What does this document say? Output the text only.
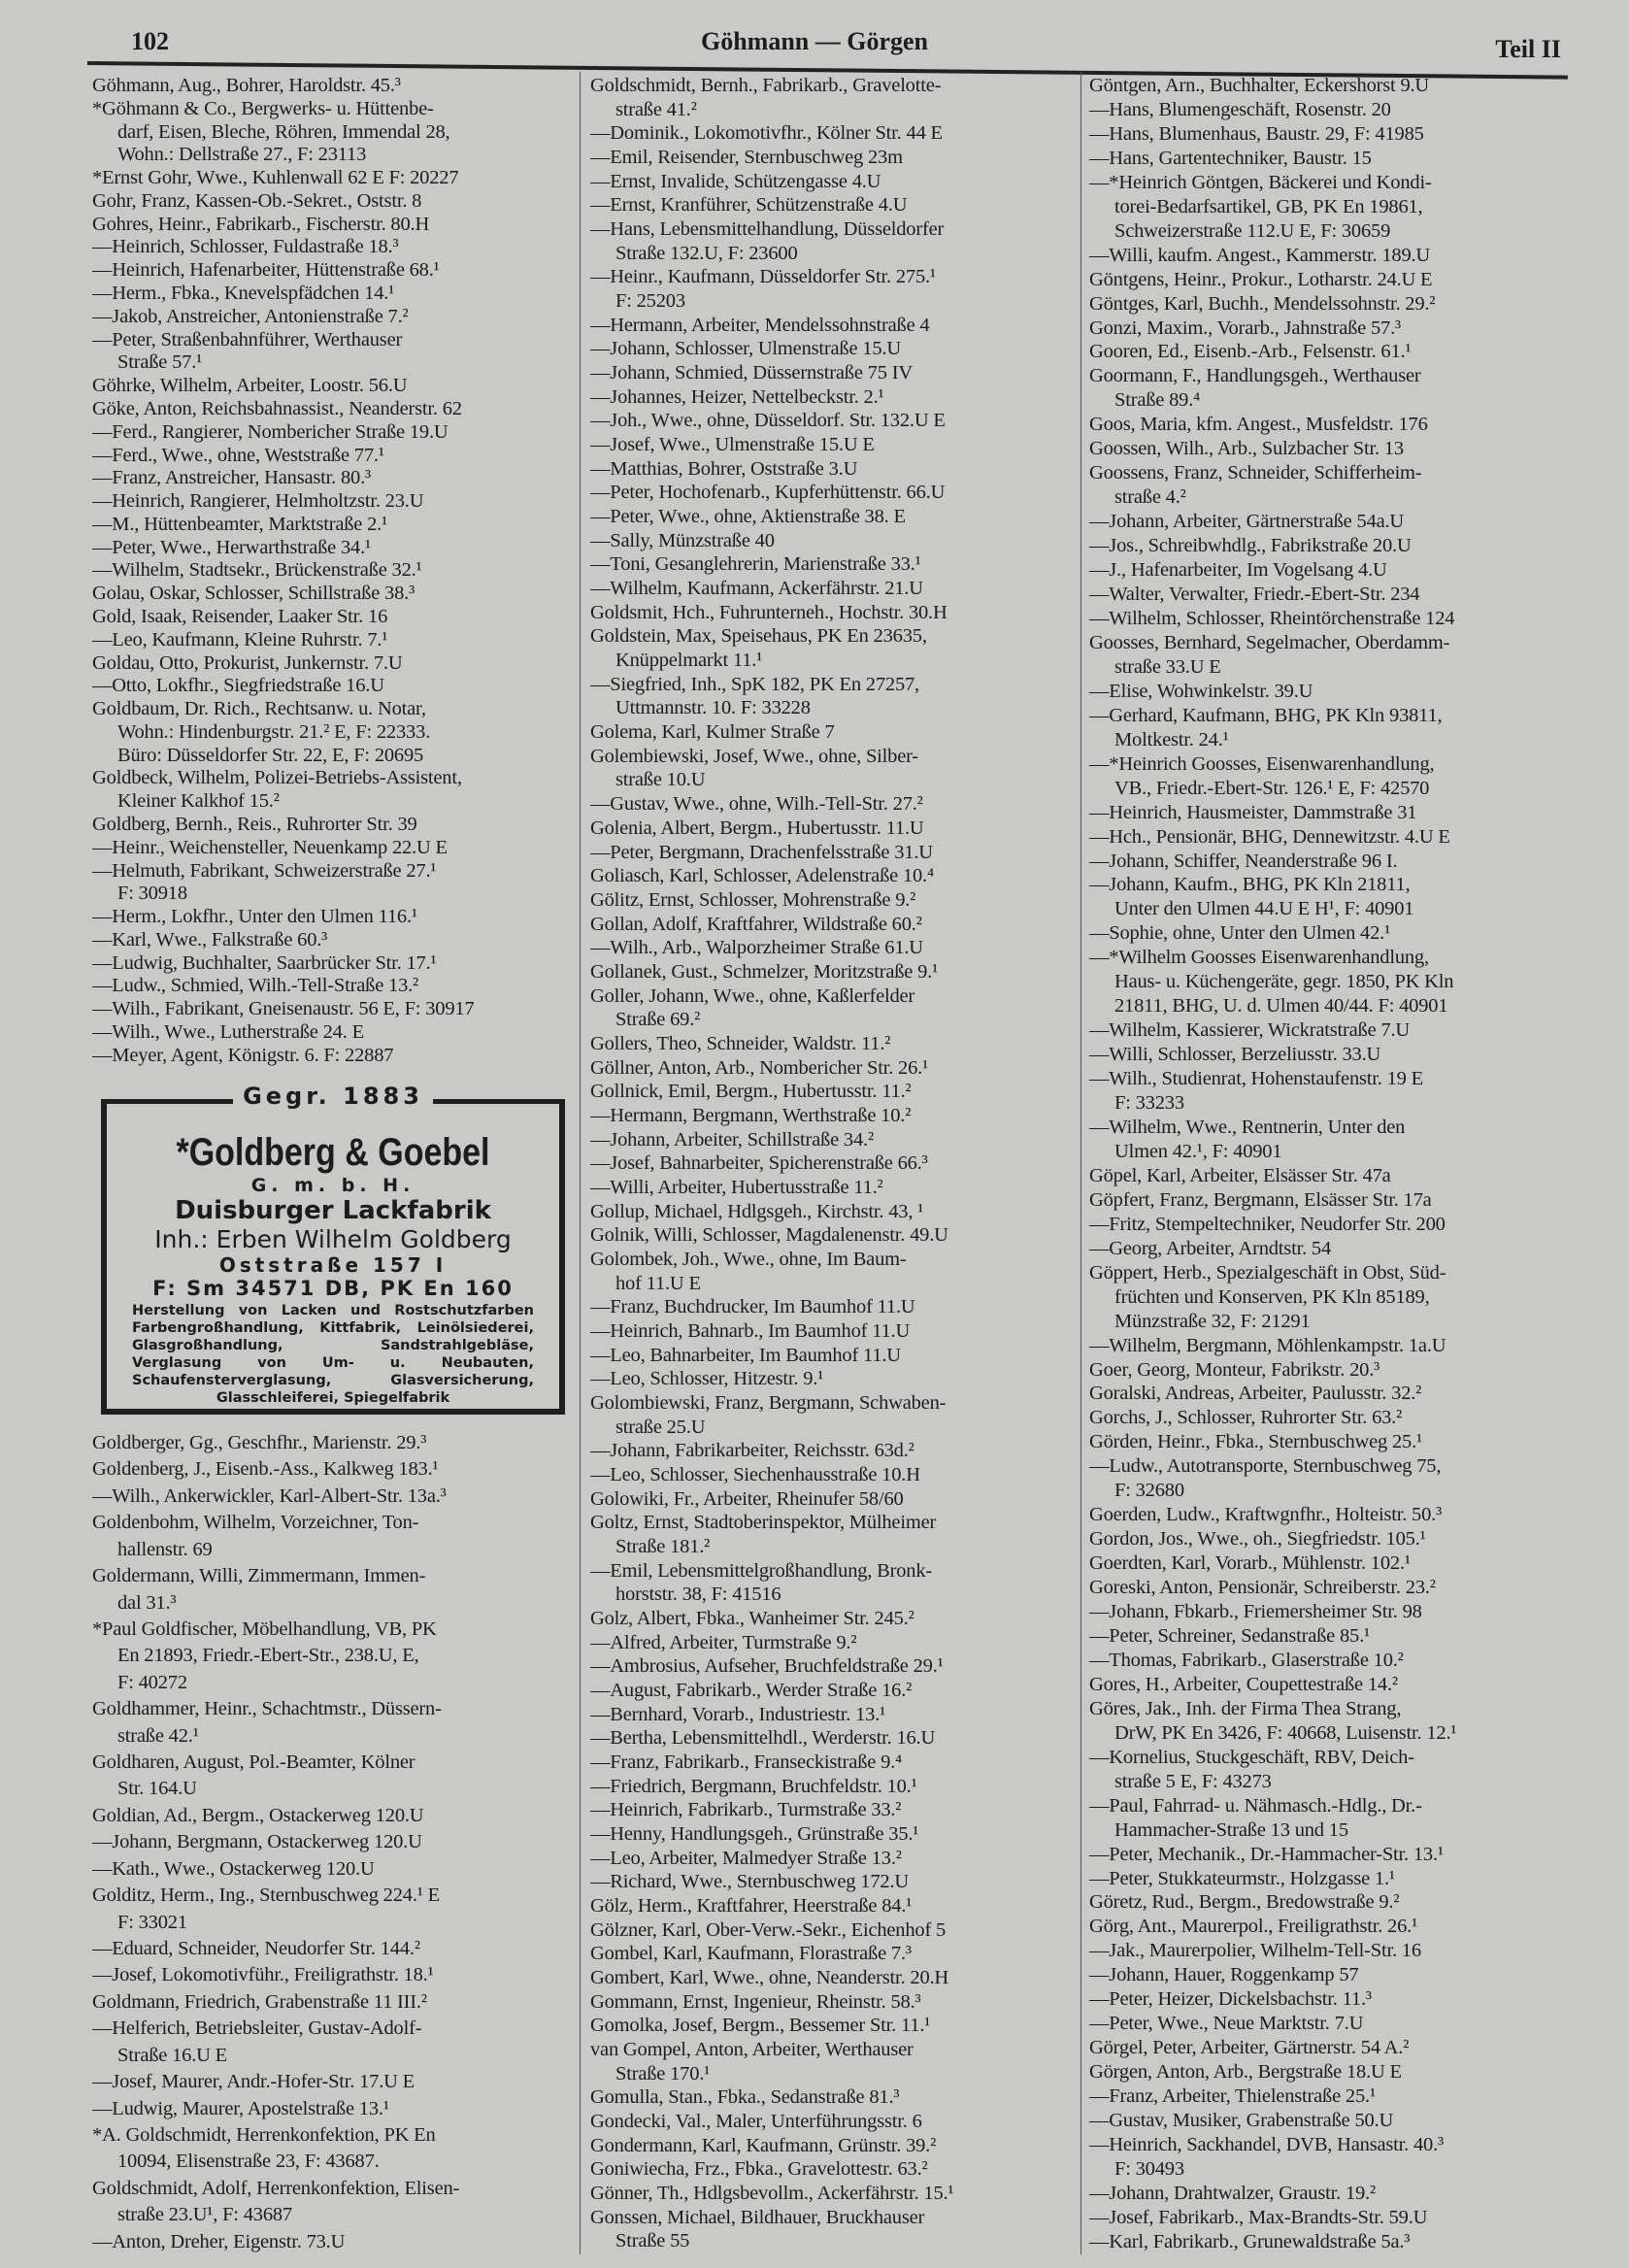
102	Göhmann — Görgen	Teil II
Göhmann, Aug., Bohrer, Haroldstr. 45.³
*Göhmann & Co., Bergwerks- u. Hüttenbe-
darf, Eisen, Bleche, Röhren, Immendal 28,
Wohn.: Dellstraße 27., F: 23113
*Ernst Gohr, Wwe., Kuhlenwall 62 E F: 20227
Gohr, Franz, Kassen-Ob.-Sekret., Oststr. 8
Gohres, Heinr., Fabrikarb., Fischerstr. 80.H
—Heinrich, Schlosser, Fuldastraße 18.³
—Heinrich, Hafenarbeiter, Hüttenstraße 68.¹
—Herm., Fbka., Knevelspfädchen 14.¹
—Jakob, Anstreicher, Antonienstraße 7.²
—Peter, Straßenbahnführer, Werthauser
Straße 57.¹
Göhrke, Wilhelm, Arbeiter, Loostr. 56.U
Göke, Anton, Reichsbahnassist., Neanderstr. 62
—Ferd., Rangierer, Nombericher Straße 19.U
—Ferd., Wwe., ohne, Weststraße 77.¹
—Franz, Anstreicher, Hansastr. 80.³
—Heinrich, Rangierer, Helmholtzstr. 23.U
—M., Hüttenbeamter, Marktstraße 2.¹
—Peter, Wwe., Herwarthstraße 34.¹
—Wilhelm, Stadtsekr., Brückenstraße 32.¹
Golau, Oskar, Schlosser, Schillstraße 38.³
Gold, Isaak, Reisender, Laaker Str. 16
—Leo, Kaufmann, Kleine Ruhrstr. 7.¹
Goldau, Otto, Prokurist, Junkernstr. 7.U
—Otto, Lokfhr., Siegfriedstraße 16.U
Goldbaum, Dr. Rich., Rechtsanw. u. Notar,
Wohn.: Hindenburgstr. 21.² E, F: 22333.
Büro: Düsseldorfer Str. 22, E, F: 20695
Goldbeck, Wilhelm, Polizei-Betriebs-Assistent,
Kleiner Kalkhof 15.²
Goldberg, Bernh., Reis., Ruhrorter Str. 39
—Heinr., Weichensteller, Neuenkamp 22.U E
—Helmuth, Fabrikant, Schweizerstraße 27.¹
F: 30918
—Herm., Lokfhr., Unter den Ulmen 116.¹
—Karl, Wwe., Falkstraße 60.³
—Ludwig, Buchhalter, Saarbrücker Str. 17.¹
—Ludw., Schmied, Wilh.-Tell-Straße 13.²
—Wilh., Fabrikant, Gneisenaustr. 56 E, F: 30917
—Wilh., Wwe., Lutherstraße 24. E
—Meyer, Agent, Königstr. 6. F: 22887
Gegr. 1883
*Goldberg & Goebel
G. m. b. H.
Duisburger Lackfabrik
Inh.: Erben Wilhelm Goldberg
Oststraße 157 I
F: Sm 34571 DB, PK En 160
Herstellung von Lacken und Rostschutzfarben Farbengroßhandlung, Kittfabrik, Leinölsiederei, Glasgroßhandlung, Sandstrahlgebläse, Verglasung von Um- u. Neubauten, Schaufensterverglasung, Glasversicherung, Glasschleiferei, Spiegelfabrik
Goldberger, Gg., Geschfhr., Marienstr. 29.³
Goldenberg, J., Eisenb.-Ass., Kalkweg 183.¹
—Wilh., Ankerwickler, Karl-Albert-Str. 13a.³
Goldenbohm, Wilhelm, Vorzeichner, Ton-
hallenstr. 69
Goldermann, Willi, Zimmermann, Immen-
dal 31.³
*Paul Goldfischer, Möbelhandlung, VB, PK
En 21893, Friedr.-Ebert-Str., 238.U, E,
F: 40272
Goldhammer, Heinr., Schachtmstr., Düssern-
straße 42.¹
Goldharen, August, Pol.-Beamter, Kölner
Str. 164.U
Goldian, Ad., Bergm., Ostackerweg 120.U
—Johann, Bergmann, Ostackerweg 120.U
—Kath., Wwe., Ostackerweg 120.U
Golditz, Herm., Ing., Sternbuschweg 224.¹ E
F: 33021
—Eduard, Schneider, Neudorfer Str. 144.²
—Josef, Lokomotivführ., Freiligrathstr. 18.¹
Goldmann, Friedrich, Grabenstraße 11 III.²
—Helferich, Betriebsleiter, Gustav-Adolf-
Straße 16.U E
—Josef, Maurer, Andr.-Hofer-Str. 17.U E
—Ludwig, Maurer, Apostelstraße 13.¹
*A. Goldschmidt, Herrenkonfektion, PK En
10094, Elisenstraße 23, F: 43687.
Goldschmidt, Adolf, Herrenkonfektion, Elisen-
straße 23.U¹, F: 43687
—Anton, Dreher, Eigenstr. 73.U
Goldschmidt, Bernh., Fabrikarb., Gravelotte-
straße 41.²
—Dominik., Lokomotivfhr., Kölner Str. 44 E
—Emil, Reisender, Sternbuschweg 23m
—Ernst, Invalide, Schützengasse 4.U
—Ernst, Kranführer, Schützenstraße 4.U
—Hans, Lebensmittelhandlung, Düsseldorfer
Straße 132.U, F: 23600
—Heinr., Kaufmann, Düsseldorfer Str. 275.¹
F: 25203
—Hermann, Arbeiter, Mendelssohnstraße 4
—Johann, Schlosser, Ulmenstraße 15.U
—Johann, Schmied, Düssernstraße 75 IV
—Johannes, Heizer, Nettelbeckstr. 2.¹
—Joh., Wwe., ohne, Düsseldorf. Str. 132.U E
—Josef, Wwe., Ulmenstraße 15.U E
—Matthias, Bohrer, Oststraße 3.U
—Peter, Hochofenarb., Kupferhüttenstr. 66.U
—Peter, Wwe., ohne, Aktienstraße 38. E
—Sally, Münzstraße 40
—Toni, Gesanglehrerin, Marienstraße 33.¹
—Wilhelm, Kaufmann, Ackerfährstr. 21.U
Goldsmit, Hch., Fuhrunterneh., Hochstr. 30.H
Goldstein, Max, Speisehaus, PK En 23635,
Knüppelmarkt 11.¹
—Siegfried, Inh., SpK 182, PK En 27257,
Uttmannstr. 10. F: 33228
Golema, Karl, Kulmer Straße 7
Golembiewski, Josef, Wwe., ohne, Silber-
straße 10.U
—Gustav, Wwe., ohne, Wilh.-Tell-Str. 27.²
Golenia, Albert, Bergm., Hubertusstr. 11.U
—Peter, Bergmann, Drachenfelsstraße 31.U
Goliasch, Karl, Schlosser, Adelenstraße 10.⁴
Gölitz, Ernst, Schlosser, Mohrenstraße 9.²
Gollan, Adolf, Kraftfahrer, Wildstraße 60.²
—Wilh., Arb., Walporzheimer Straße 61.U
Gollanek, Gust., Schmelzer, Moritzstraße 9.¹
Goller, Johann, Wwe., ohne, Kaßlerfelder
Straße 69.²
Gollers, Theo, Schneider, Waldstr. 11.²
Göllner, Anton, Arb., Nombericher Str. 26.¹
Gollnick, Emil, Bergm., Hubertusstr. 11.²
—Hermann, Bergmann, Werthstraße 10.²
—Johann, Arbeiter, Schillstraße 34.²
—Josef, Bahnarbeiter, Spicherenstraße 66.³
—Willi, Arbeiter, Hubertusstraße 11.²
Gollup, Michael, Hdlgsgeh., Kirchstr. 43, ¹
Golnik, Willi, Schlosser, Magdalenenstr. 49.U
Golombek, Joh., Wwe., ohne, Im Baum-
hof 11.U E
—Franz, Buchdrucker, Im Baumhof 11.U
—Heinrich, Bahnarb., Im Baumhof 11.U
—Leo, Bahnarbeiter, Im Baumhof 11.U
—Leo, Schlosser, Hitzestr. 9.¹
Golombiewski, Franz, Bergmann, Schwaben-
straße 25.U
—Johann, Fabrikarbeiter, Reichsstr. 63d.²
—Leo, Schlosser, Siechenhausstraße 10.H
Golowiki, Fr., Arbeiter, Rheinufer 58/60
Goltz, Ernst, Stadtoberinspektor, Mülheimer
Straße 181.²
—Emil, Lebensmittelgroßhandlung, Bronk-
horststr. 38, F: 41516
Golz, Albert, Fbka., Wanheimer Str. 245.²
—Alfred, Arbeiter, Turmstraße 9.²
—Ambrosius, Aufseher, Bruchfeldstraße 29.¹
—August, Fabrikarb., Werder Straße 16.²
—Bernhard, Vorarb., Industriestr. 13.¹
—Bertha, Lebensmittelhdl., Werderstr. 16.U
—Franz, Fabrikarb., Franseckistraße 9.⁴
—Friedrich, Bergmann, Bruchfeldstr. 10.¹
—Heinrich, Fabrikarb., Turmstraße 33.²
—Henny, Handlungsgeh., Grünstraße 35.¹
—Leo, Arbeiter, Malmedyer Straße 13.²
—Richard, Wwe., Sternbuschweg 172.U
Gölz, Herm., Kraftfahrer, Heerstraße 84.¹
Gölzner, Karl, Ober-Verw.-Sekr., Eichenhof 5
Gombel, Karl, Kaufmann, Florastraße 7.³
Gombert, Karl, Wwe., ohne, Neanderstr. 20.H
Gommann, Ernst, Ingenieur, Rheinstr. 58.³
Gomolka, Josef, Bergm., Bessemer Str. 11.¹
van Gompel, Anton, Arbeiter, Werthauser
Straße 170.¹
Gomulla, Stan., Fbka., Sedanstraße 81.³
Gondecki, Val., Maler, Unterführungsstr. 6
Gondermann, Karl, Kaufmann, Grünstr. 39.²
Goniwiecha, Frz., Fbka., Gravelottestr. 63.²
Gönner, Th., Hdlgsbevollm., Ackerfährstr. 15.¹
Gonssen, Michael, Bildhauer, Bruckhauser
Straße 55
Göntgen, Arn., Buchhalter, Eckershorst 9.U
—Hans, Blumengeschäft, Rosenstr. 20
—Hans, Blumenhaus, Baustr. 29, F: 41985
—Hans, Gartentechniker, Baustr. 15
—*Heinrich Göntgen, Bäckerei und Kondi-
torei-Bedarfsartikel, GB, PK En 19861,
Schweizerstraße 112.U E, F: 30659
—Willi, kaufm. Angest., Kammerstr. 189.U
Göntgens, Heinr., Prokur., Lotharstr. 24.U E
Göntges, Karl, Buchh., Mendelssohnstr. 29.²
Gonzi, Maxim., Vorarb., Jahnstraße 57.³
Gooren, Ed., Eisenb.-Arb., Felsenstr. 61.¹
Goormann, F., Handlungsgeh., Werthauser
Straße 89.⁴
Goos, Maria, kfm. Angest., Musfeldstr. 176
Goossen, Wilh., Arb., Sulzbacher Str. 13
Goossens, Franz, Schneider, Schifferheim-
straße 4.²
—Johann, Arbeiter, Gärtnerstraße 54a.U
—Jos., Schreibwhdlg., Fabrikstraße 20.U
—J., Hafenarbeiter, Im Vogelsang 4.U
—Walter, Verwalter, Friedr.-Ebert-Str. 234
—Wilhelm, Schlosser, Rheintörchenstraße 124
Goosses, Bernhard, Segelmacher, Oberdamm-
straße 33.U E
—Elise, Wohwinkelstr. 39.U
—Gerhard, Kaufmann, BHG, PK Kln 93811,
Moltkestr. 24.¹
—*Heinrich Goosses, Eisenwarenhandlung,
VB., Friedr.-Ebert-Str. 126.¹ E, F: 42570
—Heinrich, Hausmeister, Dammstraße 31
—Hch., Pensionär, BHG, Dennewitzstr. 4.U E
—Johann, Schiffer, Neanderstraße 96 I.
—Johann, Kaufm., BHG, PK Kln 21811,
Unter den Ulmen 44.U E H¹, F: 40901
—Sophie, ohne, Unter den Ulmen 42.¹
—*Wilhelm Goosses Eisenwarenhandlung,
Haus- u. Küchengeräte, gegr. 1850, PK Kln
21811, BHG, U. d. Ulmen 40/44. F: 40901
—Wilhelm, Kassierer, Wickratstraße 7.U
—Willi, Schlosser, Berzeliusstr. 33.U
—Wilh., Studienrat, Hohenstaufenstr. 19 E
F: 33233
—Wilhelm, Wwe., Rentnerin, Unter den
Ulmen 42.¹, F: 40901
Göpel, Karl, Arbeiter, Elsässer Str. 47a
Göpfert, Franz, Bergmann, Elsässer Str. 17a
—Fritz, Stempeltechniker, Neudorfer Str. 200
—Georg, Arbeiter, Arndtstr. 54
Göppert, Herb., Spezialgeschäft in Obst, Süd-
früchten und Konserven, PK Kln 85189,
Münzstraße 32, F: 21291
—Wilhelm, Bergmann, Möhlenkampstr. 1a.U
Goer, Georg, Monteur, Fabrikstr. 20.³
Goralski, Andreas, Arbeiter, Paulusstr. 32.²
Gorchs, J., Schlosser, Ruhrorter Str. 63.²
Görden, Heinr., Fbka., Sternbuschweg 25.¹
—Ludw., Autotransporte, Sternbuschweg 75,
F: 32680
Goerden, Ludw., Kraftwgnfhr., Holteistr. 50.³
Gordon, Jos., Wwe., oh., Siegfriedstr. 105.¹
Goerdten, Karl, Vorarb., Mühlenstr. 102.¹
Goreski, Anton, Pensionär, Schreiberstr. 23.²
—Johann, Fbkarb., Friemersheimer Str. 98
—Peter, Schreiner, Sedanstraße 85.¹
—Thomas, Fabrikarb., Glaserstraße 10.²
Gores, H., Arbeiter, Coupettestraße 14.²
Göres, Jak., Inh. der Firma Thea Strang,
DrW, PK En 3426, F: 40668, Luisenstr. 12.¹
—Kornelius, Stuckgeschäft, RBV, Deich-
straße 5 E, F: 43273
—Paul, Fahrrad- u. Nähmasch.-Hdlg., Dr.-
Hammacher-Straße 13 und 15
—Peter, Mechanik., Dr.-Hammacher-Str. 13.¹
—Peter, Stukkateurmstr., Holzgasse 1.¹
Göretz, Rud., Bergm., Bredowstraße 9.²
Görg, Ant., Maurerpol., Freiligrathstr. 26.¹
—Jak., Maurerpolier, Wilhelm-Tell-Str. 16
—Johann, Hauer, Roggenkamp 57
—Peter, Heizer, Dickelsbachstr. 11.³
—Peter, Wwe., Neue Marktstr. 7.U
Görgel, Peter, Arbeiter, Gärtnerstr. 54 A.²
Görgen, Anton, Arb., Bergstraße 18.U E
—Franz, Arbeiter, Thielenstraße 25.¹
—Gustav, Musiker, Grabenstraße 50.U
—Heinrich, Sackhandel, DVB, Hansastr. 40.³
F: 30493
—Johann, Drahtwalzer, Graustr. 19.²
—Josef, Fabrikarb., Max-Brandts-Str. 59.U
—Karl, Fabrikarb., Grunewaldstraße 5a.³
